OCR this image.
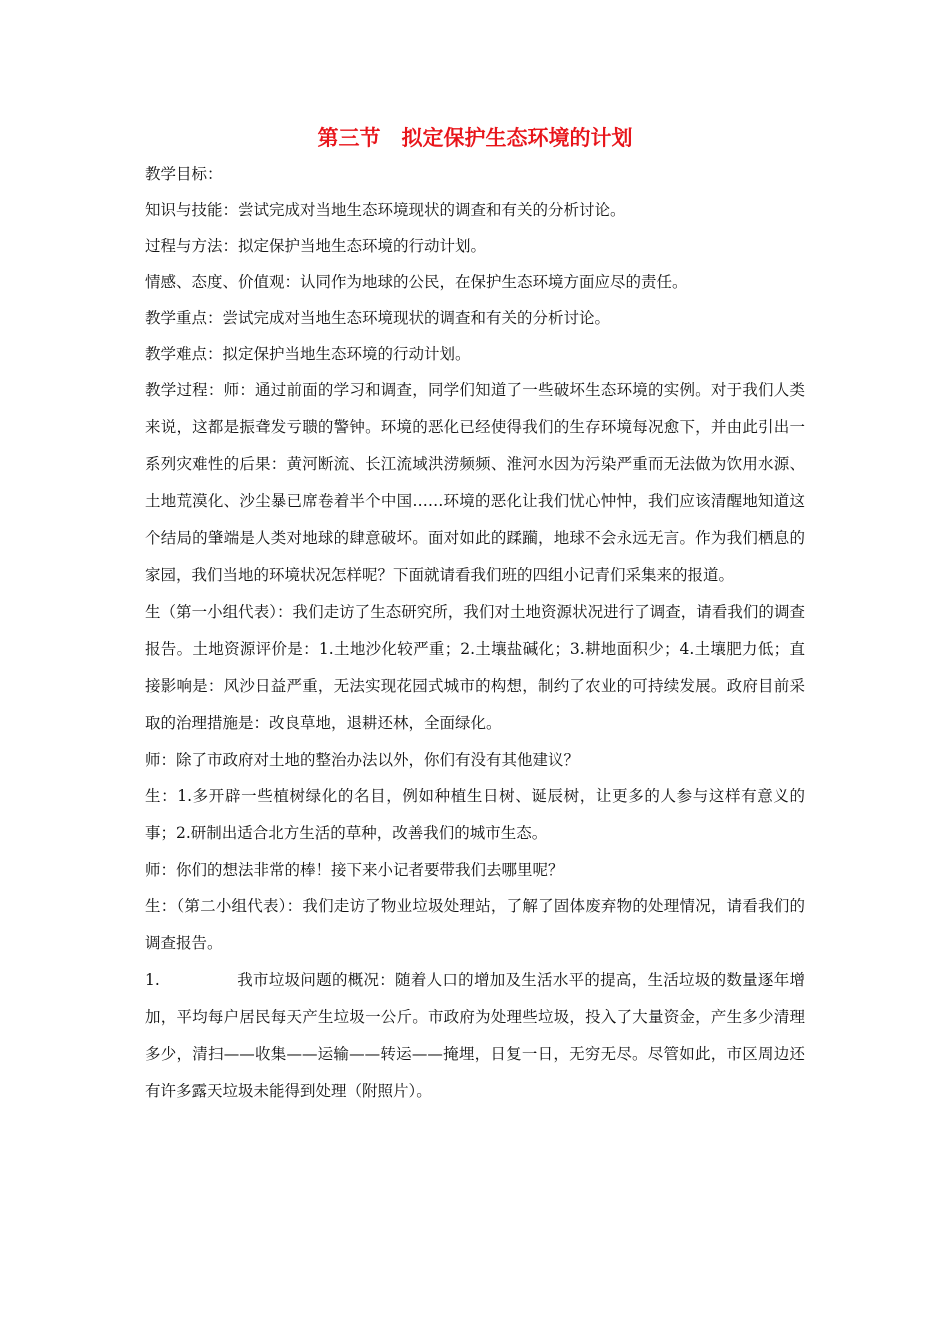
第三节　拟定保护生态环境的计划

教学目标：

知识与技能：尝试完成对当地生态环境现状的调查和有关的分析讨论。

过程与方法：拟定保护当地生态环境的行动计划。

情感、态度、价值观：认同作为地球的公民，在保护生态环境方面应尽的责任。

教学重点：尝试完成对当地生态环境现状的调查和有关的分析讨论。

教学难点：拟定保护当地生态环境的行动计划。

教学过程：师：通过前面的学习和调查，同学们知道了一些破坏生态环境的实例。对于我们人类来说，这都是振聋发亏聩的警钟。环境的恶化已经使得我们的生存环境每况愈下，并由此引出一系列灾难性的后果：黄河断流、长江流域洪涝频频、淮河水因为污染严重而无法做为饮用水源、土地荒漠化、沙尘暴已席卷着半个中国……环境的恶化让我们忧心忡忡，我们应该清醒地知道这个结局的肇端是人类对地球的肆意破坏。面对如此的蹂躏，地球不会永远无言。作为我们栖息的家园，我们当地的环境状况怎样呢？下面就请看我们班的四组小记青们采集来的报道。

生（第一小组代表）：我们走访了生态研究所，我们对土地资源状况进行了调查，请看我们的调查报告。土地资源评价是：1.土地沙化较严重；2.土壤盐碱化；3.耕地面积少；4.土壤肥力低；直接影响是：风沙日益严重，无法实现花园式城市的构想，制约了农业的可持续发展。政府目前采取的治理措施是：改良草地，退耕还林，全面绿化。

师：除了市政府对土地的整治办法以外，你们有没有其他建议？

生：1.多开辟一些植树绿化的名目，例如种植生日树、诞辰树，让更多的人参与这样有意义的事；2.研制出适合北方生活的草种，改善我们的城市生态。

师：你们的想法非常的棒！接下来小记者要带我们去哪里呢？

生：（第二小组代表）：我们走访了物业垃圾处理站，了解了固体废弃物的处理情况，请看我们的调查报告。

1.	我市垃圾问题的概况：随着人口的增加及生活水平的提高，生活垃圾的数量逐年增加，平均每户居民每天产生垃圾一公斤。市政府为处理些垃圾，投入了大量资金，产生多少清理多少，清扫——收集——运输——转运——掩埋，日复一日，无穷无尽。尽管如此，市区周边还有许多露天垃圾未能得到处理（附照片）。
